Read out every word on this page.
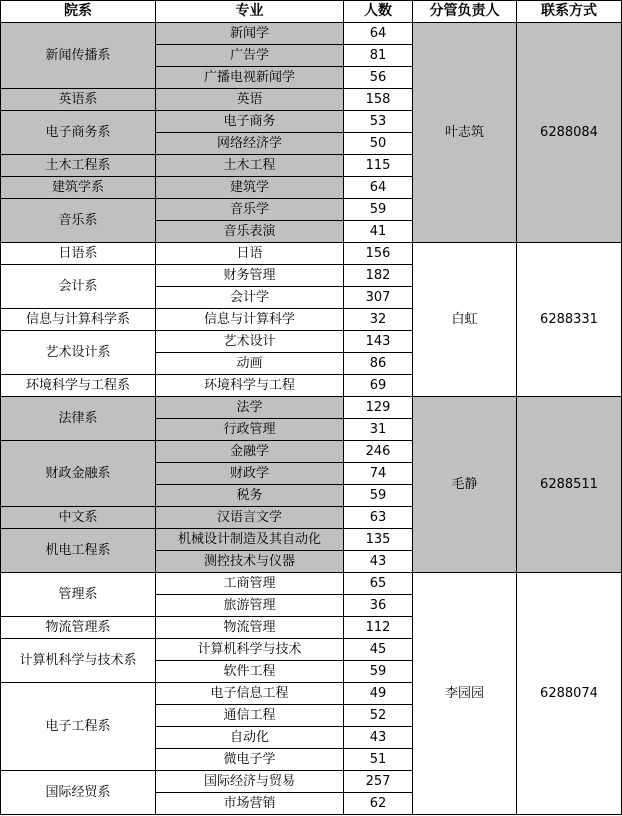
院系	专业	人数	分管负责人	联系方式
新闻传播系	新闻学	64	叶志筑	6288084
	广告学	81		
	广播电视新闻学	56		
英语系	英语	158		
电子商务系	电子商务	53		
	网络经济学	50		
土木工程系	土木工程	115		
建筑学系	建筑学	64		
音乐系	音乐学	59		
	音乐表演	41		
日语系	日语	156	白虹	6288331
会计系	财务管理	182		
	会计学	307		
信息与计算科学系	信息与计算科学	32		
艺术设计系	艺术设计	143		
	动画	86		
环境科学与工程系	环境科学与工程	69		
法律系	法学	129	毛静	6288511
	行政管理	31		
财政金融系	金融学	246		
	财政学	74		
	税务	59		
中文系	汉语言文学	63		
机电工程系	机械设计制造及其自动化	135		
	测控技术与仪器	43		
管理系	工商管理	65	李园园	6288074
	旅游管理	36		
物流管理系	物流管理	112		
计算机科学与技术系	计算机科学与技术	45		
	软件工程	59		
电子工程系	电子信息工程	49		
	通信工程	52		
	自动化	43		
	微电子学	51		
国际经贸系	国际经济与贸易	257		
	市场营销	62		
